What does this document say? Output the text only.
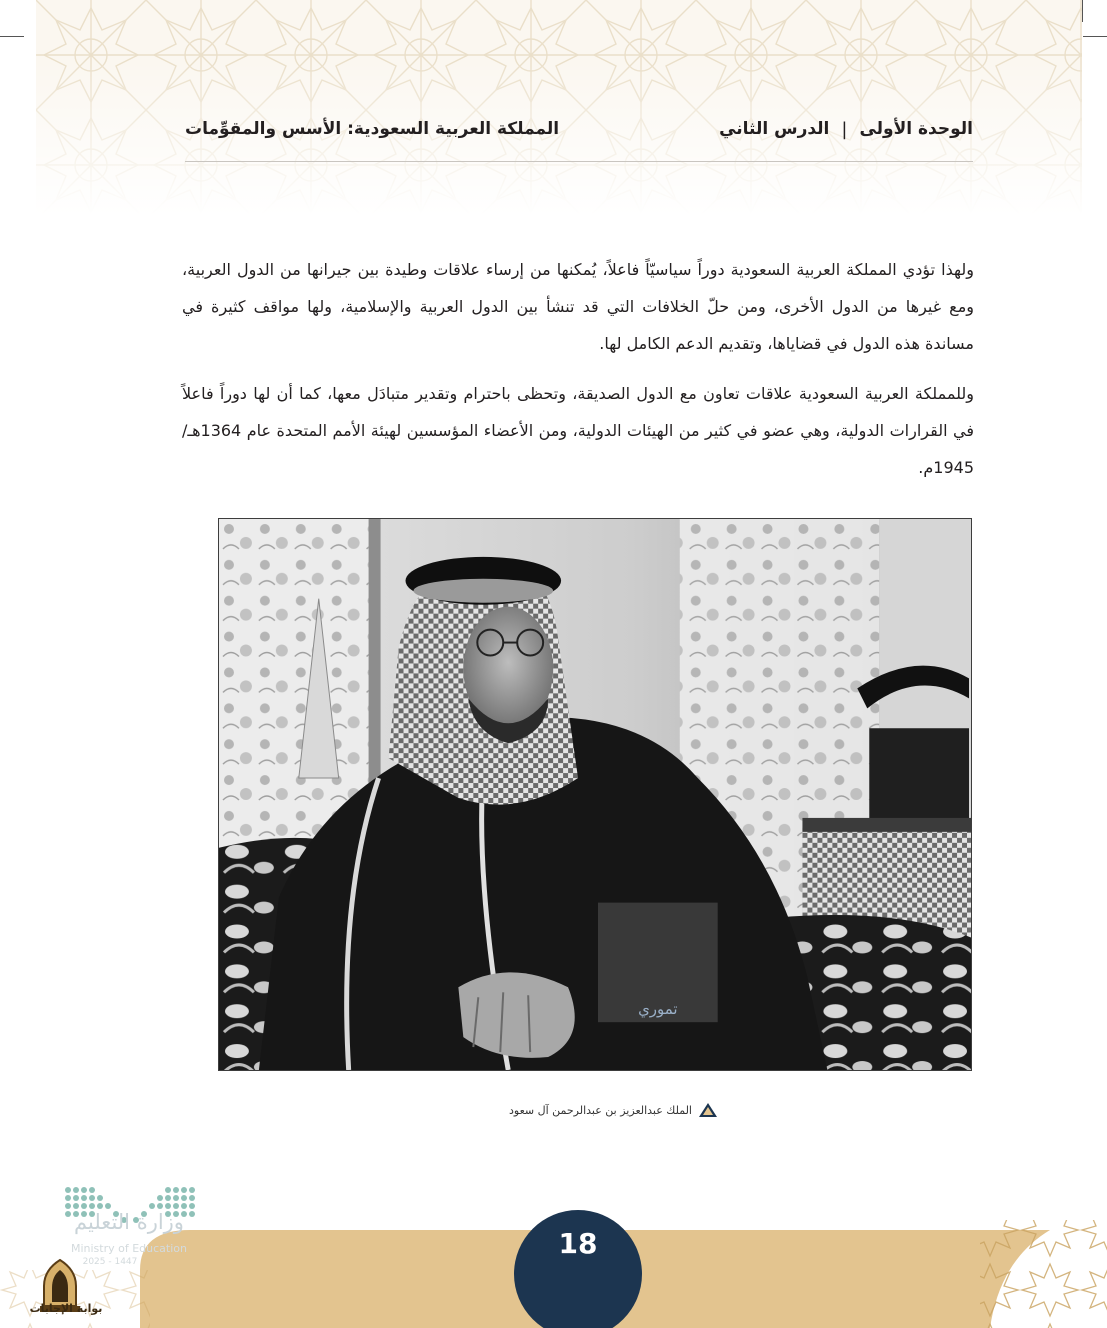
الوحدة الأولى
|
الدرس الثاني
المملكة العربية السعودية: الأسس والمقوِّمات

ولهذا تؤدي المملكة العربية السعودية دوراً سياسيّاً فاعلاً، يُمكنها من إرساء علاقات وطيدة بين جيرانها من الدول العربية، ومع غيرها من الدول الأخرى، ومن حلّ الخلافات التي قد تنشأ بين الدول العربية والإسلامية، ولها مواقف كثيرة في مساندة هذه الدول في قضاياها، وتقديم الدعم الكامل لها.

وللمملكة العربية السعودية علاقات تعاون مع الدول الصديقة، وتحظى باحترام وتقدير متبادَل معها، كما أن لها دوراً فاعلاً في القرارات الدولية، وهي عضو في كثير من الهيئات الدولية، ومن الأعضاء المؤسسين لهيئة الأمم المتحدة عام 1364هـ/ 1945م.

تموري
الملك عبدالعزيز بن عبدالرحمن آل سعود
وزارة التعليم
Ministry of Education
2025 - 1447
18
بوابة الإجابات
